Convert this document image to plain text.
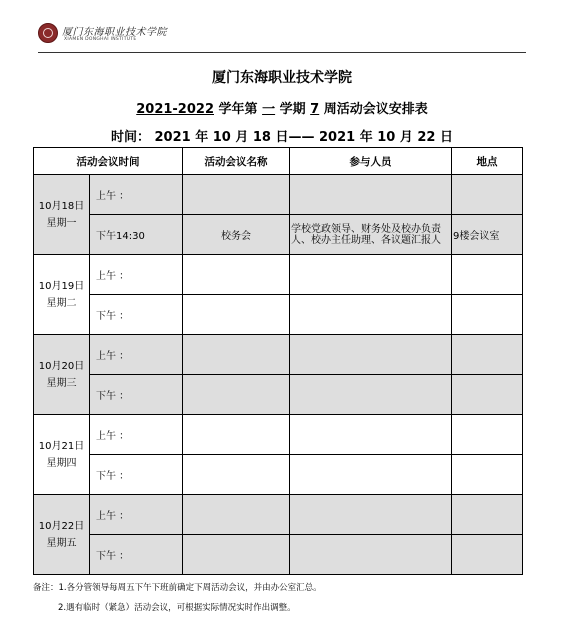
厦门东海职业技术学院
XIAMEN DONGHAI INSTITUTE
厦门东海职业技术学院
2021-2022 学年第 一 学期 7 周活动会议安排表
时间： 2021 年 10 月 18 日—— 2021 年 10 月 22 日
活动会议时间		活动会议名称	参与人员	地点
10月18日
星期一	上午 ：			
	下午14:30	校务会	学校党政领导、财务处及校办负责人、校办主任助理、各议题汇报人	9楼会议室
10月19日
星期二	上午 ：			
	下午 ：			
10月20日
星期三	上午 ：			
	下午 ：			
10月21日
星期四	上午 ：			
	下午 ：			
10月22日
星期五	上午 ：			
	下午 ：			
备注：1.各分管领导每周五下午下班前确定下周活动会议，并由办公室汇总。
2.遇有临时（紧急）活动会议，可根据实际情况实时作出调整。
